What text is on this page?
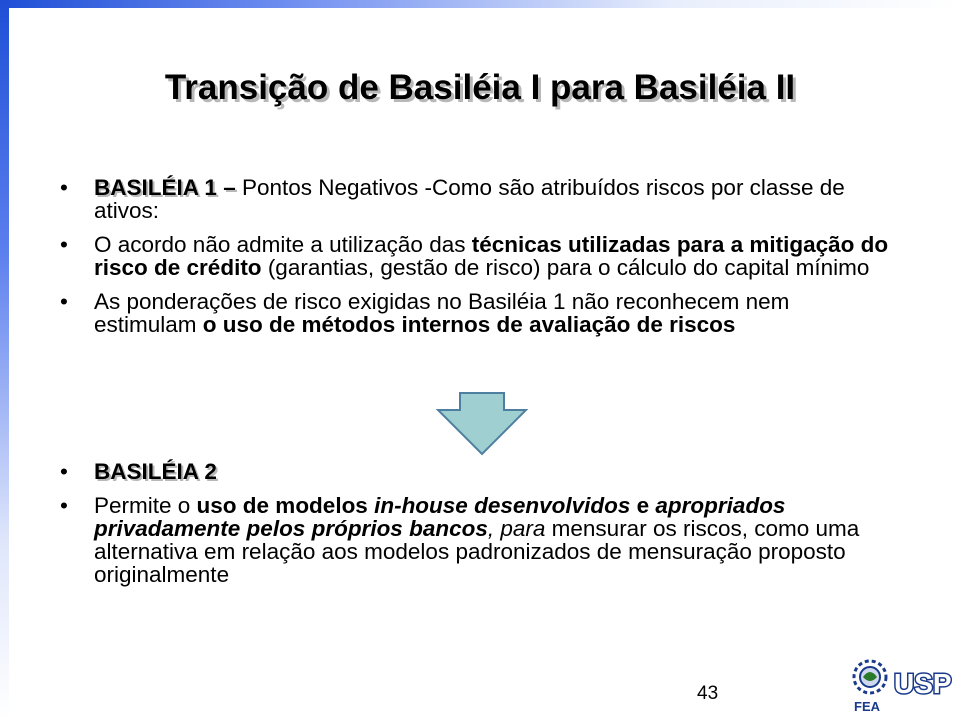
Transição de Basiléia I para Basiléia II
• BASILÉIA 1 – Pontos Negativos -Como são atribuídos riscos por classe de ativos:
• O acordo não admite a utilização das técnicas utilizadas para a mitigação do risco de crédito (garantias, gestão de risco) para o cálculo do capital mínimo
• As ponderações de risco exigidas no Basiléia 1 não reconhecem nem estimulam o uso de métodos internos de avaliação de riscos
• BASILÉIA 2
• Permite o uso de modelos in-house desenvolvidos e apropriados privadamente pelos próprios bancos, para mensurar os riscos, como uma alternativa em relação aos modelos padronizados de mensuração proposto originalmente
43
FEA
USP
